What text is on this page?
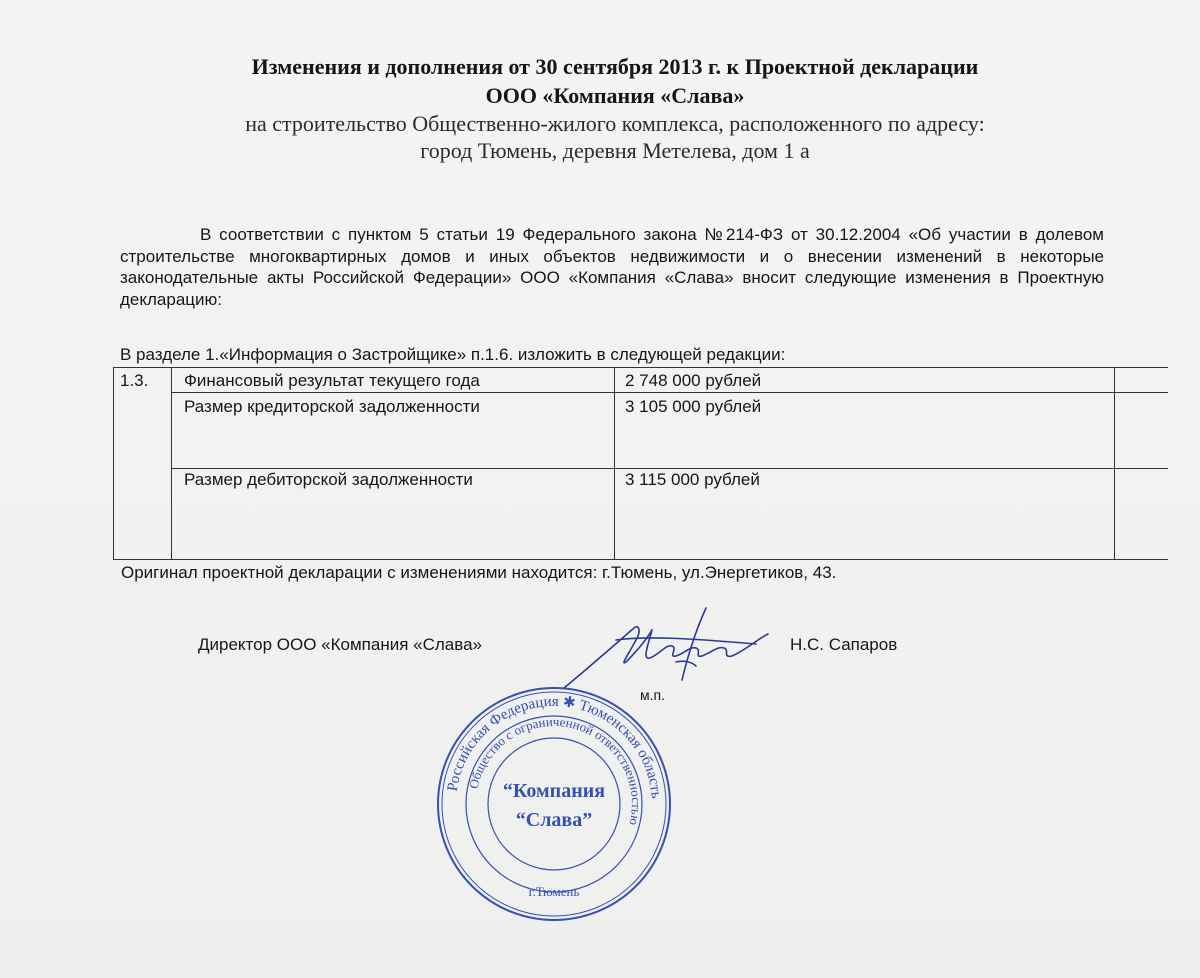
Изменения и дополнения от 30 сентября 2013 г. к Проектной декларации
ООО «Компания «Слава»
на строительство Общественно-жилого комплекса, расположенного по адресу:
город Тюмень, деревня Метелева, дом 1 а
В соответствии с пунктом 5 статьи 19 Федерального закона №214-ФЗ от 30.12.2004 «Об участии в долевом строительстве многоквартирных домов и иных объектов недвижимости и о внесении изменений в некоторые законодательные акты Российской Федерации» ООО «Компания «Слава» вносит следующие изменения в Проектную декларацию:
В разделе 1.«Информация о Застройщике» п.1.6. изложить в следующей редакции:
1.3. Финансовый результат текущего года	2 748 000 рублей
Размер кредиторской задолженности	3 105 000 рублей
Размер дебиторской задолженности	3 115 000 рублей
Оригинал проектной декларации с изменениями находится: г.Тюмень, ул.Энергетиков, 43.
Директор ООО «Компания «Слава»	Н.С. Сапаров
м.п.
Российская Федерация ✱ Тюменская область
Общество с ограниченной ответственностью
г.Тюмень
“Компания
“Слава”
